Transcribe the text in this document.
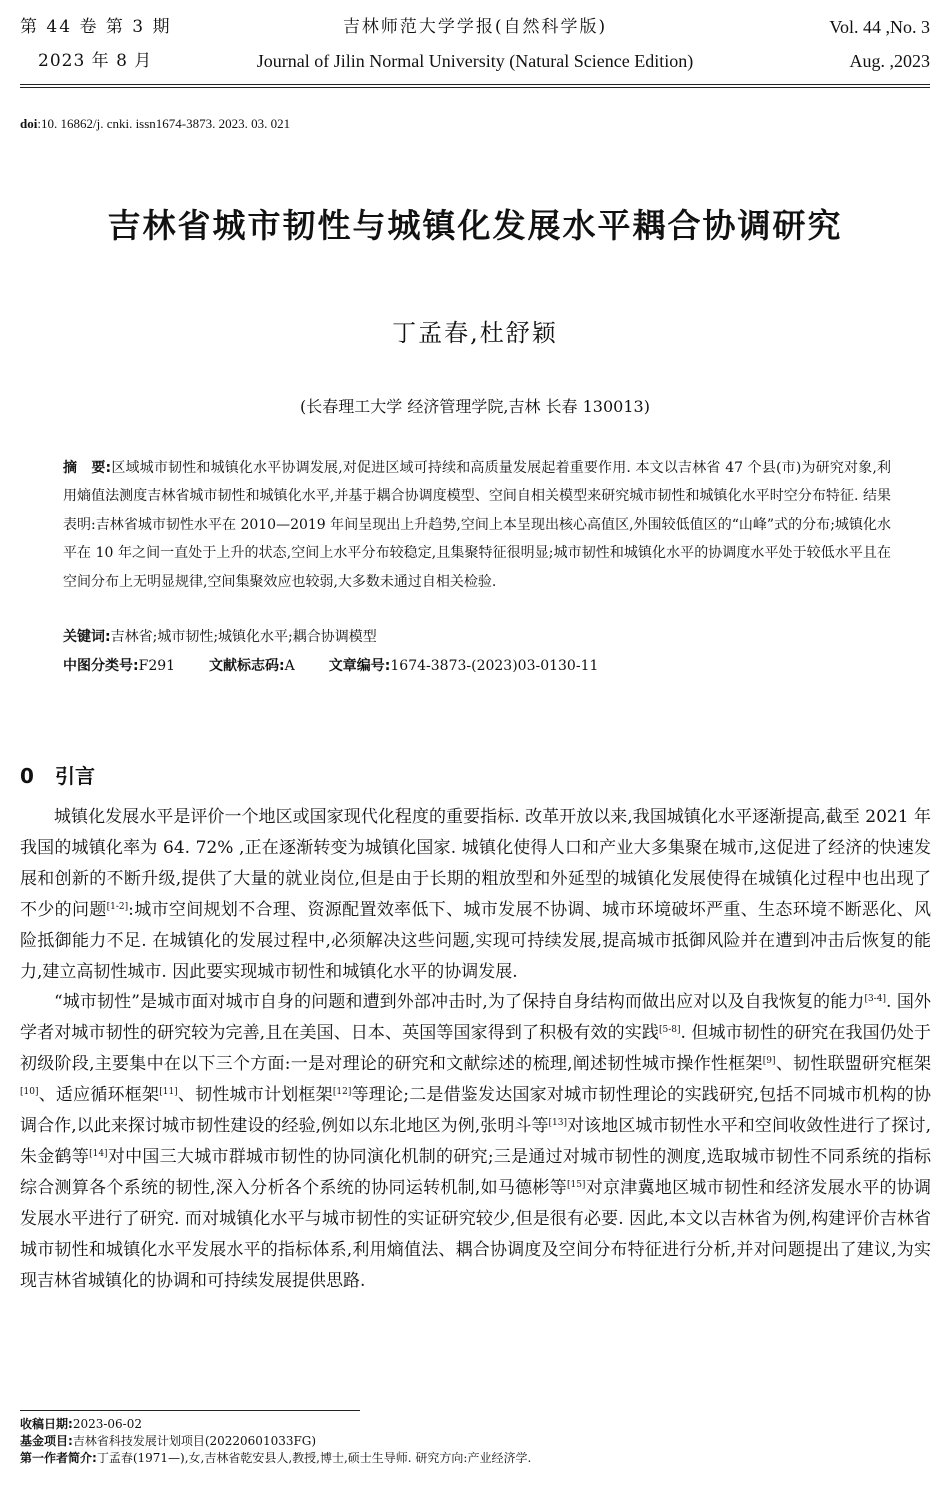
第 44 卷 第 3 期
2023 年 8 月
吉林师范大学学报(自然科学版)
Journal of Jilin Normal University (Natural Science Edition)
Vol. 44 ,No. 3
Aug. ,2023
doi:10. 16862/j. cnki. issn1674-3873. 2023. 03. 021
吉林省城市韧性与城镇化发展水平耦合协调研究
丁孟春,杜舒颖
(长春理工大学 经济管理学院,吉林 长春 130013)
摘　要:区域城市韧性和城镇化水平协调发展,对促进区域可持续和高质量发展起着重要作用. 本文以吉林省 47 个县(市)为研究对象,利用熵值法测度吉林省城市韧性和城镇化水平,并基于耦合协调度模型、空间自相关模型来研究城市韧性和城镇化水平时空分布特征. 结果表明:吉林省城市韧性水平在 2010—2019 年间呈现出上升趋势,空间上本呈现出核心高值区,外围较低值区的“山峰”式的分布;城镇化水平在 10 年之间一直处于上升的状态,空间上水平分布较稳定,且集聚特征很明显;城市韧性和城镇化水平的协调度水平处于较低水平且在空间分布上无明显规律,空间集聚效应也较弱,大多数未通过自相关检验.
关键词:吉林省;城市韧性;城镇化水平;耦合协调模型
中图分类号:F291 文献标志码:A 文章编号:1674-3873-(2023)03-0130-11
0 引言

城镇化发展水平是评价一个地区或国家现代化程度的重要指标. 改革开放以来,我国城镇化水平逐渐提高,截至 2021 年我国的城镇化率为 64. 72% ,正在逐渐转变为城镇化国家. 城镇化使得人口和产业大多集聚在城市,这促进了经济的快速发展和创新的不断升级,提供了大量的就业岗位,但是由于长期的粗放型和外延型的城镇化发展使得在城镇化过程中也出现了不少的问题[1-2]:城市空间规划不合理、资源配置效率低下、城市发展不协调、城市环境破坏严重、生态环境不断恶化、风险抵御能力不足. 在城镇化的发展过程中,必须解决这些问题,实现可持续发展,提高城市抵御风险并在遭到冲击后恢复的能力,建立高韧性城市. 因此要实现城市韧性和城镇化水平的协调发展.

“城市韧性”是城市面对城市自身的问题和遭到外部冲击时,为了保持自身结构而做出应对以及自我恢复的能力[3-4]. 国外学者对城市韧性的研究较为完善,且在美国、日本、英国等国家得到了积极有效的实践[5-8]. 但城市韧性的研究在我国仍处于初级阶段,主要集中在以下三个方面:一是对理论的研究和文献综述的梳理,阐述韧性城市操作性框架[9]、韧性联盟研究框架[10]、适应循环框架[11]、韧性城市计划框架[12]等理论;二是借鉴发达国家对城市韧性理论的实践研究,包括不同城市机构的协调合作,以此来探讨城市韧性建设的经验,例如以东北地区为例,张明斗等[13]对该地区城市韧性水平和空间收敛性进行了探讨,朱金鹤等[14]对中国三大城市群城市韧性的协同演化机制的研究;三是通过对城市韧性的测度,选取城市韧性不同系统的指标综合测算各个系统的韧性,深入分析各个系统的协同运转机制,如马德彬等[15]对京津冀地区城市韧性和经济发展水平的协调发展水平进行了研究. 而对城镇化水平与城市韧性的实证研究较少,但是很有必要. 因此,本文以吉林省为例,构建评价吉林省城市韧性和城镇化水平发展水平的指标体系,利用熵值法、耦合协调度及空间分布特征进行分析,并对问题提出了建议,为实现吉林省城镇化的协调和可持续发展提供思路.

收稿日期:2023-06-02
基金项目:吉林省科技发展计划项目(20220601033FG)
第一作者简介:丁孟春(1971—),女,吉林省乾安县人,教授,博士,硕士生导师. 研究方向:产业经济学.
